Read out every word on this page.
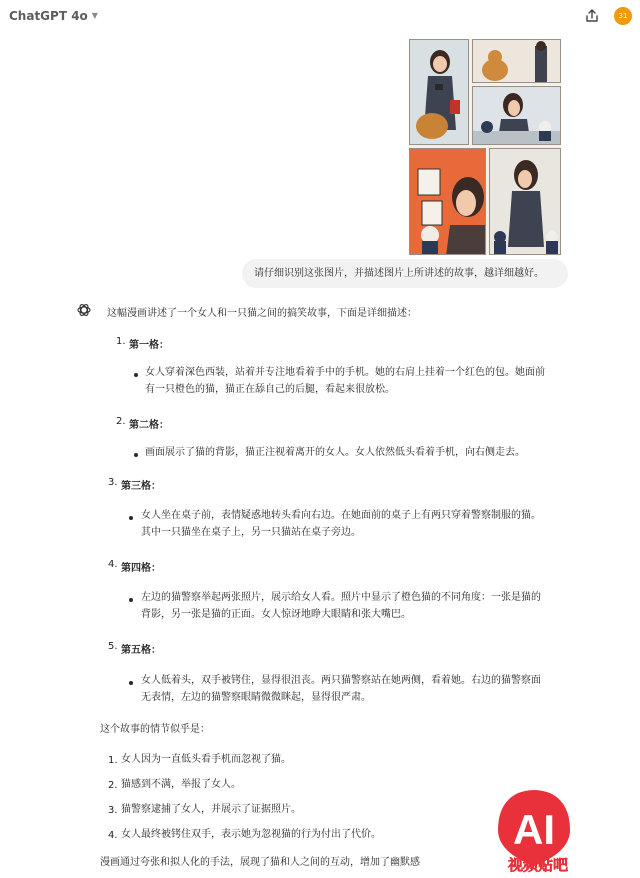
ChatGPT 4o ▼	31
请仔细识别这张图片，并描述图片上所讲述的故事，越详细越好。
这幅漫画讲述了一个女人和一只猫之间的搞笑故事，下面是详细描述：
1. 第一格：
女人穿着深色西装，站着并专注地看着手中的手机。她的右肩上挂着一个红色的包。她面前
有一只橙色的猫，猫正在舔自己的后腿，看起来很放松。
2. 第二格：
画面展示了猫的背影，猫正注视着离开的女人。女人依然低头看着手机，向右侧走去。
3. 第三格：
女人坐在桌子前，表情疑惑地转头看向右边。在她面前的桌子上有两只穿着警察制服的猫。
其中一只猫坐在桌子上，另一只猫站在桌子旁边。
4. 第四格：
左边的猫警察举起两张照片，展示给女人看。照片中显示了橙色猫的不同角度：一张是猫的
背影，另一张是猫的正面。女人惊讶地睁大眼睛和张大嘴巴。
5. 第五格：
女人低着头，双手被铐住，显得很沮丧。两只猫警察站在她两侧，看着她。右边的猫警察面
无表情，左边的猫警察眼睛微微眯起，显得很严肃。
这个故事的情节似乎是：
1. 女人因为一直低头看手机而忽视了猫。
2. 猫感到不满，举报了女人。
3. 猫警察逮捕了女人，并展示了证据照片。
4. 女人最终被铐住双手，表示她为忽视猫的行为付出了代价。
漫画通过夸张和拟人化的手法，展现了猫和人之间的互动，增加了幽默感
AI
视频贴吧
